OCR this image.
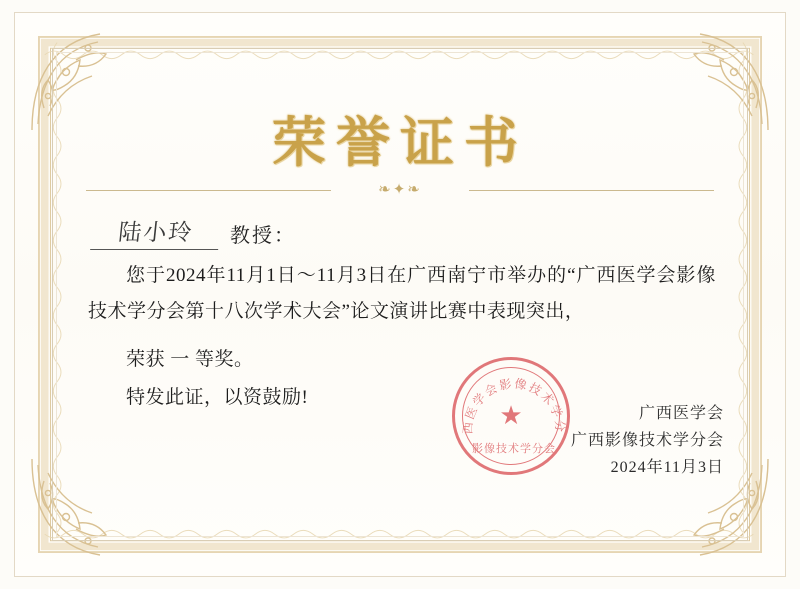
荣誉证书
❧✦❧
陆小玲	教授：

您于2024年11月1日～11月3日在广西南宁市举办的“广西医学会影像技术学分会第十八次学术大会”论文演讲比赛中表现突出，

荣获 一 等奖。

特发此证，以资鼓励!
广西医学会影像技术学分会
★
影像技术学分会
广西医学会
广西影像技术学分会
2024年11月3日
